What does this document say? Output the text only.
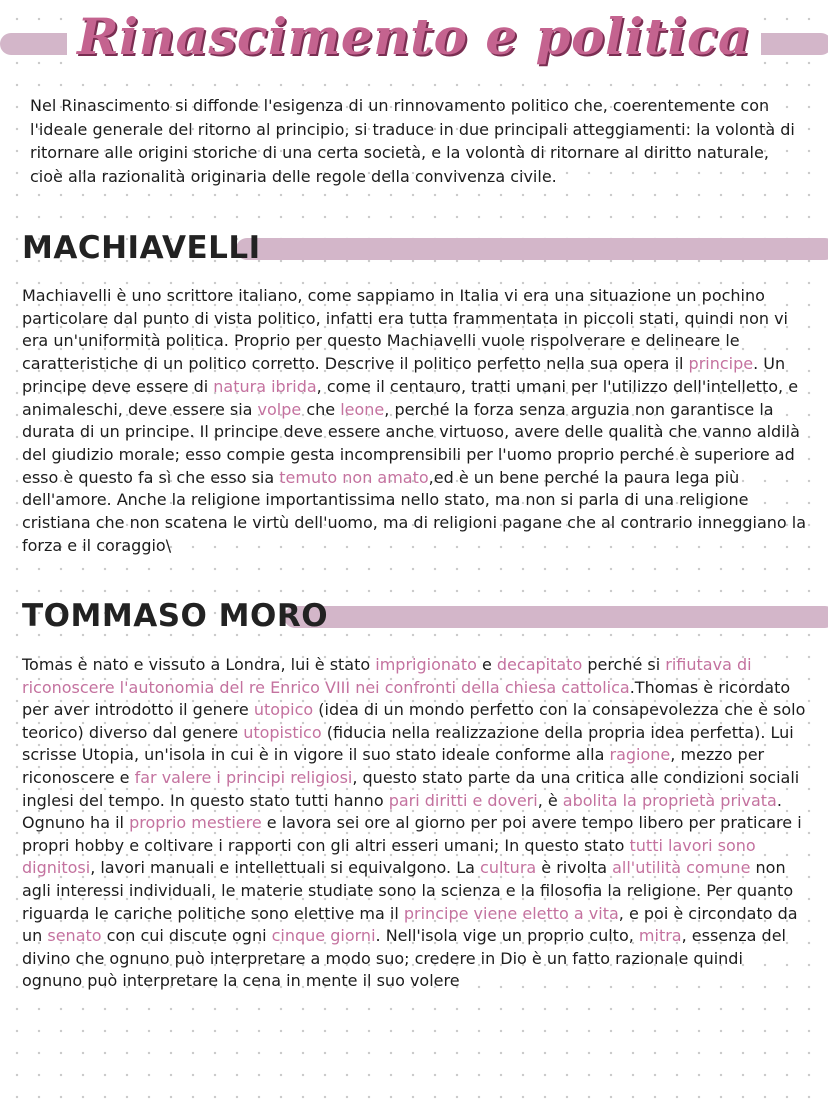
Rinascimento e politica

Nel Rinascimento si diffonde l'esigenza di un rinnovamento politico che, coerentemente con l'ideale generale del ritorno al principio, si traduce in due principali atteggiamenti: la volontà di ritornare alle origini storiche di una certa società, e la volontà di ritornare al diritto naturale, cioè alla razionalità originaria delle regole della convivenza civile.

MACHIAVELLI

Machiavelli è uno scrittore italiano, come sappiamo in Italia vi era una situazione un pochino particolare dal punto di vista politico, infatti era tutta frammentata in piccoli stati, quindi non vi era un'uniformità politica. Proprio per questo Machiavelli vuole rispolverare e delineare le caratteristiche di un politico corretto. Descrive il politico perfetto nella sua opera il principe. Un principe deve essere di natura ibrida, come il centauro, tratti umani per l'utilizzo dell'intelletto, e animaleschi, deve essere sia volpe che leone, perché la forza senza arguzia non garantisce la durata di un principe. Il principe deve essere anche virtuoso, avere delle qualità che vanno aldilà del giudizio morale; esso compie gesta incomprensibili per l'uomo proprio perché è superiore ad esso è questo fa sì che esso sia temuto non amato,ed è un bene perché la paura lega più dell'amore. Anche la religione importantissima nello stato, ma non si parla di una religione cristiana che non scatena le virtù dell'uomo, ma di religioni pagane che al contrario inneggiano la forza e il coraggio\

TOMMASO MORO

Tomas è nato e vissuto a Londra, lui è stato imprigionato e decapitato perché si rifiutava di riconoscere l'autonomia del re Enrico VIII nei confronti della chiesa cattolica.Thomas è ricordato per aver introdotto il genere utopico (idea di un mondo perfetto con la consapevolezza che è solo teorico) diverso dal genere utopistico (fiducia nella realizzazione della propria idea perfetta). Lui scrisse Utopia, un'isola in cui è in vigore il suo stato ideale conforme alla ragione, mezzo per riconoscere e far valere i principi religiosi, questo stato parte da una critica alle condizioni sociali inglesi del tempo. In questo stato tutti hanno pari diritti e doveri, è abolita la proprietà privata. Ognuno ha il proprio mestiere e lavora sei ore al giorno per poi avere tempo libero per praticare i propri hobby e coltivare i rapporti con gli altri esseri umani; In questo stato tutti lavori sono dignitosi, lavori manuali e intellettuali si equivalgono. La cultura è rivolta all'utilità comune non agli interessi individuali, le materie studiate sono la scienza e la filosofia la religione. Per quanto riguarda le cariche politiche sono elettive ma il principe viene eletto a vita, e poi è circondato da un senato con cui discute ogni cinque giorni. Nell'isola vige un proprio culto, mitra, essenza del divino che ognuno può interpretare a modo suo; credere in Dio è un fatto razionale quindi ognuno può interpretare la cena in mente il suo volere
